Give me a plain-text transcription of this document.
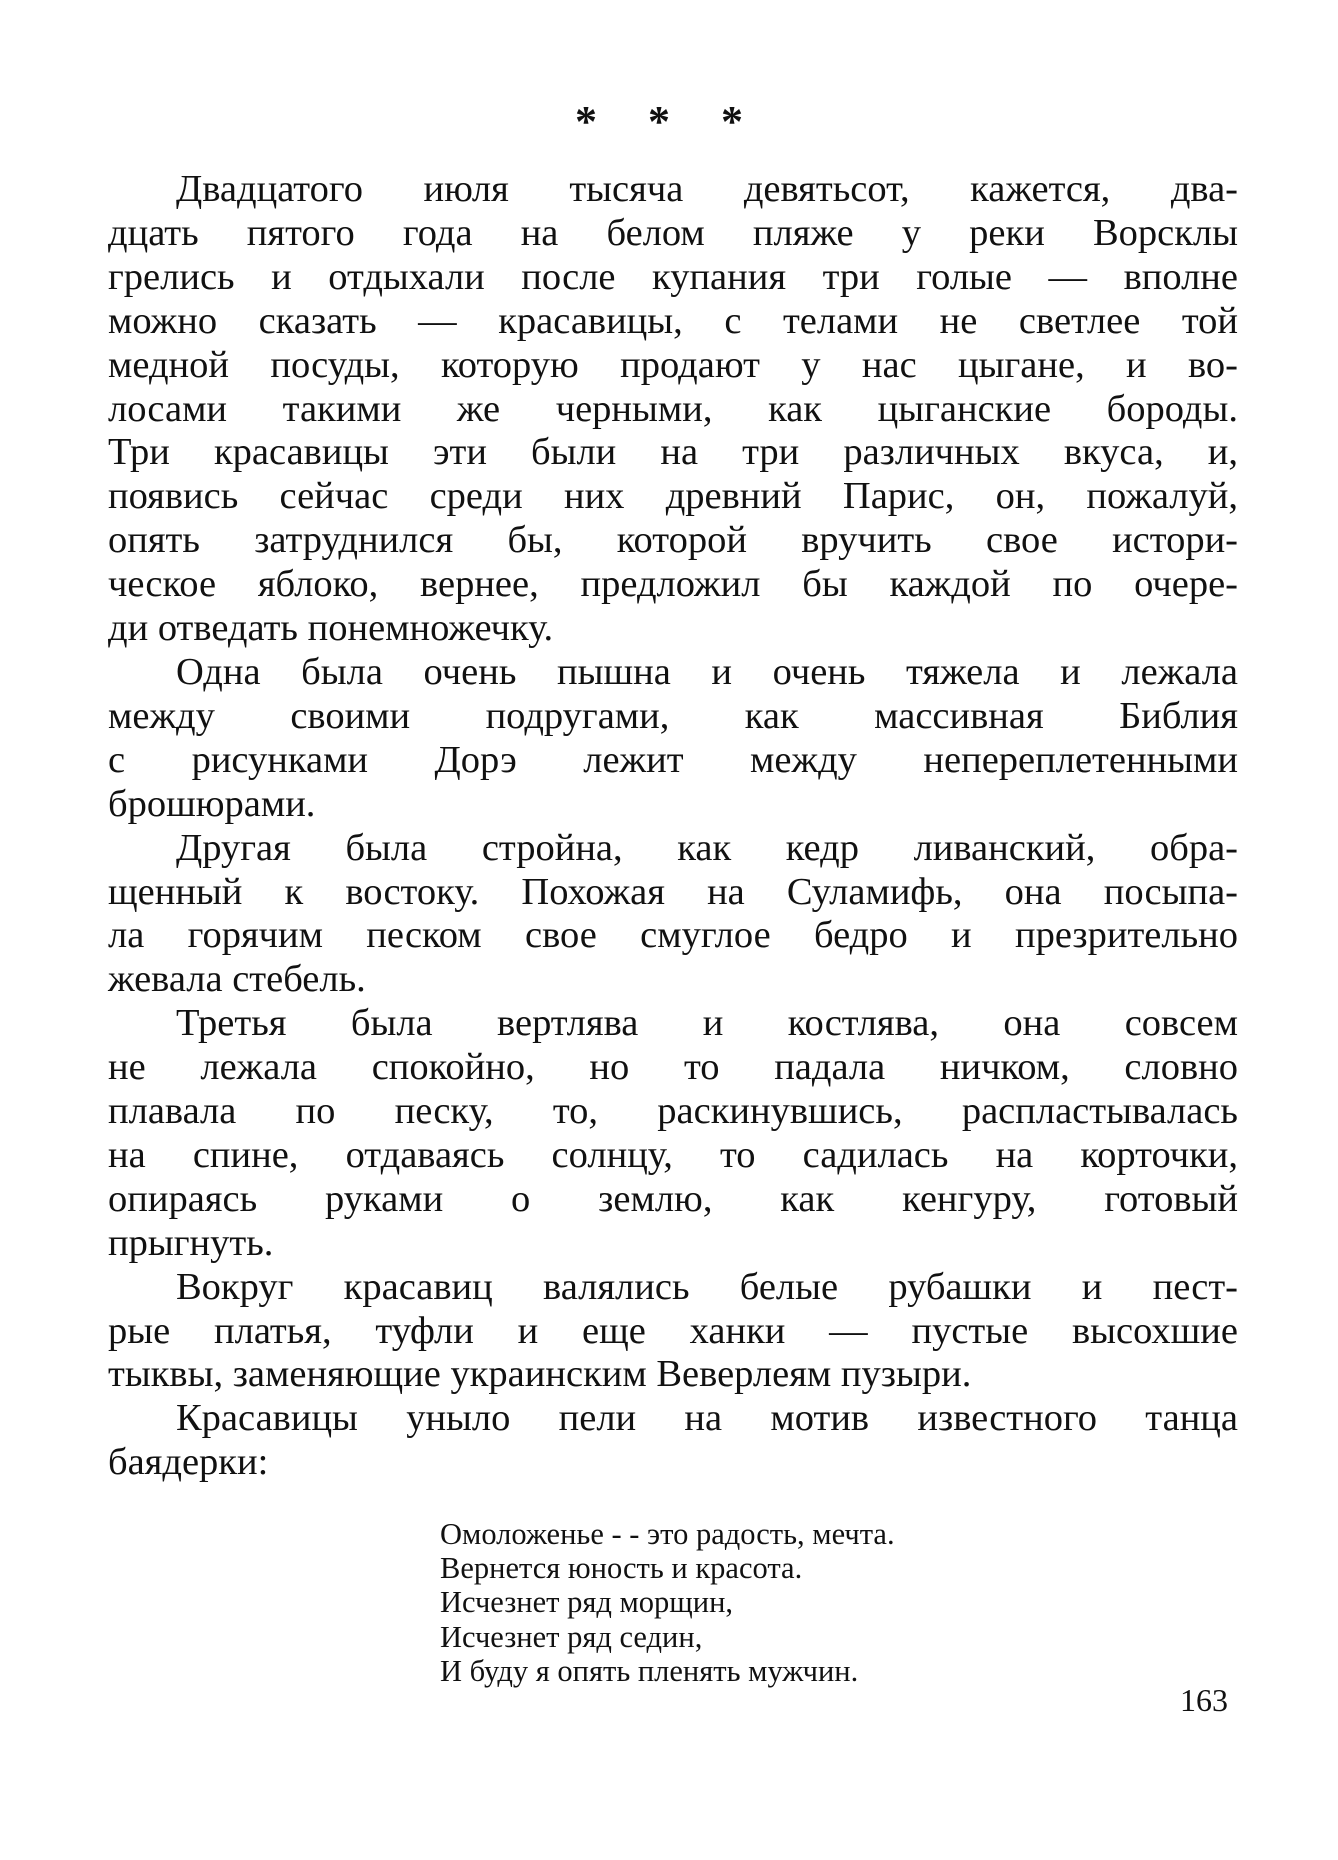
* * *
Двадцатого июля тысяча девятьсот, кажется, два-
дцать пятого года на белом пляже у реки Ворсклы
грелись и отдыхали после купания три голые — вполне
можно сказать — красавицы, с телами не светлее той
медной посуды, которую продают у нас цыгане, и во-
лосами такими же черными, как цыганские бороды.
Три красавицы эти были на три различных вкуса, и,
появись сейчас среди них древний Парис, он, пожалуй,
опять затруднился бы, которой вручить свое истори-
ческое яблоко, вернее, предложил бы каждой по очере-
ди отведать понемножечку.
Одна была очень пышна и очень тяжела и лежала
между своими подругами, как массивная Библия
с рисунками Дорэ лежит между непереплетенными
брошюрами.
Другая была стройна, как кедр ливанский, обра-
щенный к востоку. Похожая на Суламифь, она посыпа-
ла горячим песком свое смуглое бедро и презрительно
жевала стебель.
Третья была вертлява и костлява, она совсем
не лежала спокойно, но то падала ничком, словно
плавала по песку, то, раскинувшись, распластывалась
на спине, отдаваясь солнцу, то садилась на корточки,
опираясь руками о землю, как кенгуру, готовый
прыгнуть.
Вокруг красавиц валялись белые рубашки и пест-
рые платья, туфли и еще ханки — пустые высохшие
тыквы, заменяющие украинским Веверлеям пузыри.
Красавицы уныло пели на мотив известного танца
баядерки:
Омоложенье - - это радость, мечта.
Вернется юность и красота.
Исчезнет ряд морщин,
Исчезнет ряд седин,
И буду я опять пленять мужчин.
163
